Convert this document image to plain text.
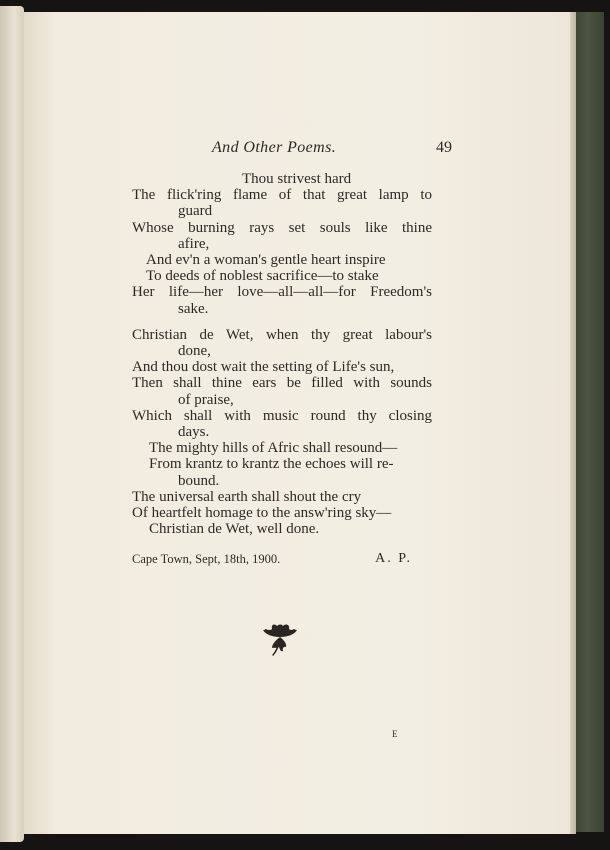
And Other Poems.	49
Thou strivest hard
The flick'ring flame of that great lamp to
guard
Whose burning rays set souls like thine
afire,
And ev'n a woman's gentle heart inspire
To deeds of noblest sacrifice—to stake
Her life—her love—all—all—for Freedom's
sake.
Christian de Wet, when thy great labour's
done,
And thou dost wait the setting of Life's sun,
Then shall thine ears be filled with sounds
of praise,
Which shall with music round thy closing
days.
The mighty hills of Afric shall resound—
From krantz to krantz the echoes will re-
bound.
The universal earth shall shout the cry
Of heartfelt homage to the answ'ring sky—
Christian de Wet, well done.
Cape Town, Sept, 18th, 1900.	A. P.
E
